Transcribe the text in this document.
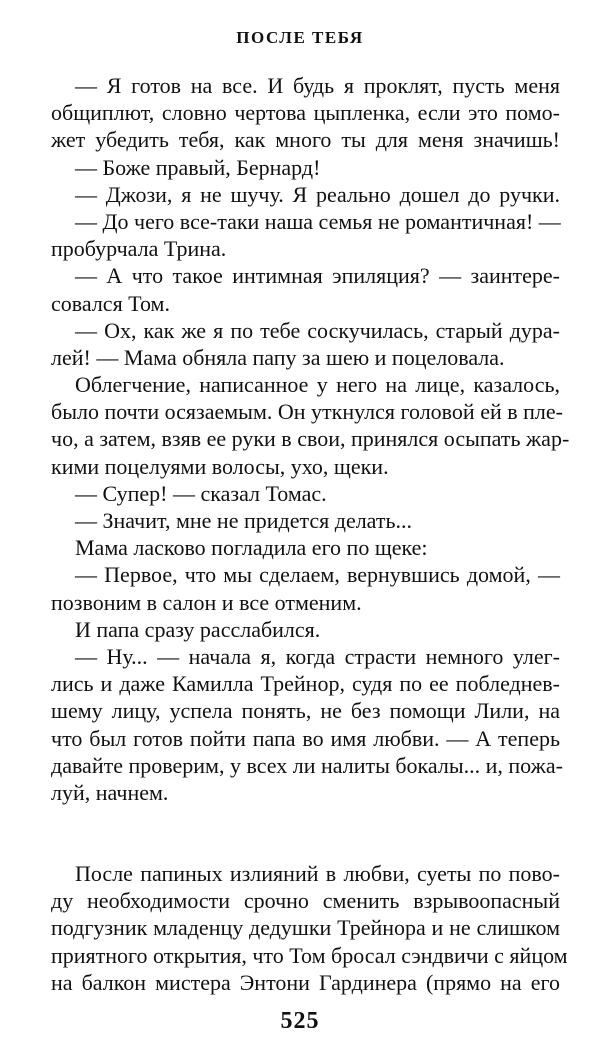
ПОСЛЕ ТЕБЯ
— Я готов на все. И будь я проклят, пусть меня
общиплют, словно чертова цыпленка, если это помо-
жет убедить тебя, как много ты для меня значишь!
— Боже правый, Бернард!
— Джози, я не шучу. Я реально дошел до ручки.
— До чего все-таки наша семья не романтичная! —
пробурчала Трина.
— А что такое интимная эпиляция? — заинтере-
совался Том.
— Ох, как же я по тебе соскучилась, старый дура-
лей! — Мама обняла папу за шею и поцеловала.
Облегчение, написанное у него на лице, казалось,
было почти осязаемым. Он уткнулся головой ей в пле-
чо, а затем, взяв ее руки в свои, принялся осыпать жар-
кими поцелуями волосы, ухо, щеки.
— Супер! — сказал Томас.
— Значит, мне не придется делать...
Мама ласково погладила его по щеке:
— Первое, что мы сделаем, вернувшись домой, —
позвоним в салон и все отменим.
И папа сразу расслабился.
— Ну... — начала я, когда страсти немного улег-
лись и даже Камилла Трейнор, судя по ее побледнев-
шему лицу, успела понять, не без помощи Лили, на
что был готов пойти папа во имя любви. — А теперь
давайте проверим, у всех ли налиты бокалы... и, пожа-
луй, начнем.
После папиных излияний в любви, суеты по пово-
ду необходимости срочно сменить взрывоопасный
подгузник младенцу дедушки Трейнора и не слишком
приятного открытия, что Том бросал сэндвичи с яйцом
на балкон мистера Энтони Гардинера (прямо на его
525
